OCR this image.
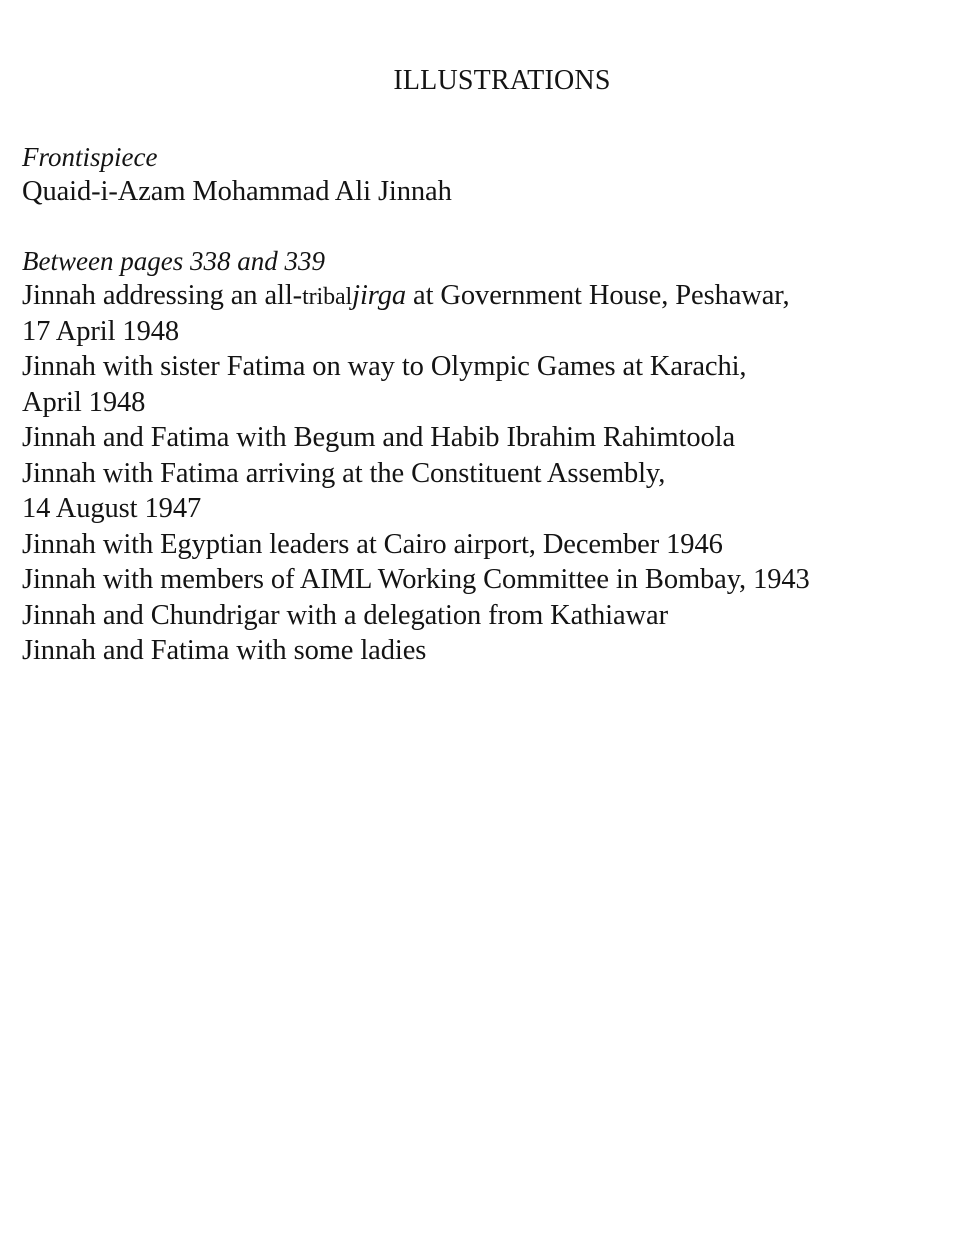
ILLUSTRATIONS
Frontispiece
Quaid-i-Azam Mohammad Ali Jinnah
Between pages 338 and 339
Jinnah addressing an all-tribaljirga at Government House, Peshawar,
17 April 1948
Jinnah with sister Fatima on way to Olympic Games at Karachi,
April 1948
Jinnah and Fatima with Begum and Habib Ibrahim Rahimtoola
Jinnah with Fatima arriving at the Constituent Assembly,
14 August 1947
Jinnah with Egyptian leaders at Cairo airport, December 1946
Jinnah with members of AIML Working Committee in Bombay, 1943
Jinnah and Chundrigar with a delegation from Kathiawar
Jinnah and Fatima with some ladies
